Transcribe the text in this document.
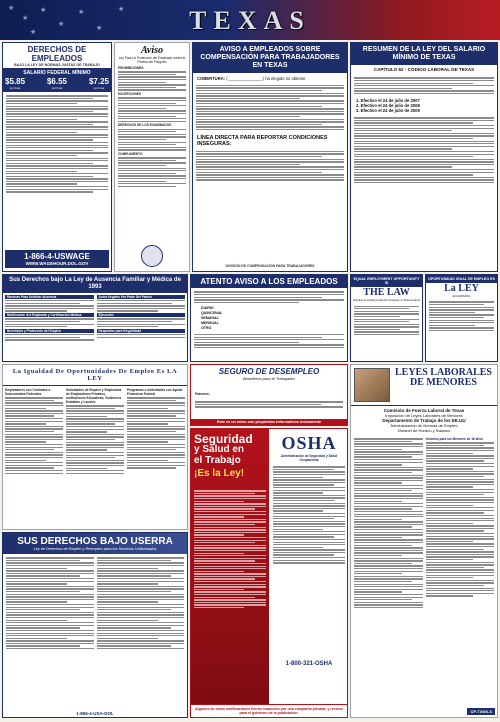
★
★
★
★
★
★
★
★	TEXAS
DERECHOS DE EMPLEADOS
BAJO LA LEY DE NORMAS JUSTAS DE TRABAJO
SALARIO FEDERAL MÍNIMO
$5.85
por hora
$6.55
por hora
$7.25
por hora
1-866-4-USWAGE
WWW.WAGEHOUR.DOL.GOV
Aviso
Ley Para La Protección del Empleado contra el Prueba del Polígrafo
PROHIBICIONES
EXCEPCIONES
DERECHOS DE LOS EXAMINADOS
CUMPLIMIENTO
AVISO A EMPLEADOS SOBRE COMPENSACIÓN PARA TRABAJADORES EN TEXAS
COBERTURA: ( ______________ ) ha elegido no obtener
LÍNEA DIRECTA PARA REPORTAR CONDICIONES INSEGURAS:
DIVISIÓN DE COMPENSACIÓN PARA TRABAJADORES
RESUMEN DE LA LEY DEL SALARIO MÍNIMO DE TEXAS
CAPÍTULO 62 - CÓDIGO LABORAL DE TEXAS
1. Efectivo el 24 de julio de 2007
2. Efectivo el 24 de julio de 2008
3. Efectivo el 24 de julio de 2009
Sus Derechos bajo La Ley de Ausencia Familiar y Médica de 1993
Razones Para Solicitar Ausencia
Notificación del Empleado y Certificación Médica
Beneficios y Protección del Empleo
Actos Ilegales Por Parte Del Patrón
Ejecución
Requisitos para Elegibilidad
ATENTO AVISO A LOS EMPLEADOS
DIARIO
QUINCENAL
SEMANAL
MENSUAL
OTRO
EQUAL EMPLOYMENT OPPORTUNITY IS
THE LAW
Employers Holding Federal Contracts or Subcontracts
OPORTUNIDAD IGUAL DE EMPLEO ES
La LEY
EN ESPAÑOL
La Igualdad De Oportunidades De Empleo Es LA LEY
Empleadores con Contratos o Subcontratos Federales
Solicitantes de Empleo y Empleados de Empleadores Privados, Instituciones Educativas, Gobiernos Estatales y Locales
Programas o Actividades con Ayuda Financiera Federal
SEGURO DE DESEMPLEO
Beneficios para el Trabajador
Patrones:
Este es un aviso con propósitos informativos únicamente
LEYES LABORALES
DE MENORES
Comisión de Fuerza Laboral de Texas
Imposición de Leyes Laborales de Menores
Departamento de Trabajo de los EE.UU
Administración de Normas de Empleo
División de Horario y Salarios
Horarios para los Menores de 16 años
CP-TXNS-S
Seguridad
y Salud en
el Trabajo
¡Es la Ley!
OSHA
Administración de Seguridad y Salud Ocupacional
1-800-321-OSHA
Algunos de estos notificaciones fueron traducido por una compañía privada, y revisos para el gobierno de la publicación.
SUS DERECHOS BAJO USERRA
Ley de Derechos de Empleo y Reempleo para los Servicios Uniformados
1-866-4-USA-DOL
